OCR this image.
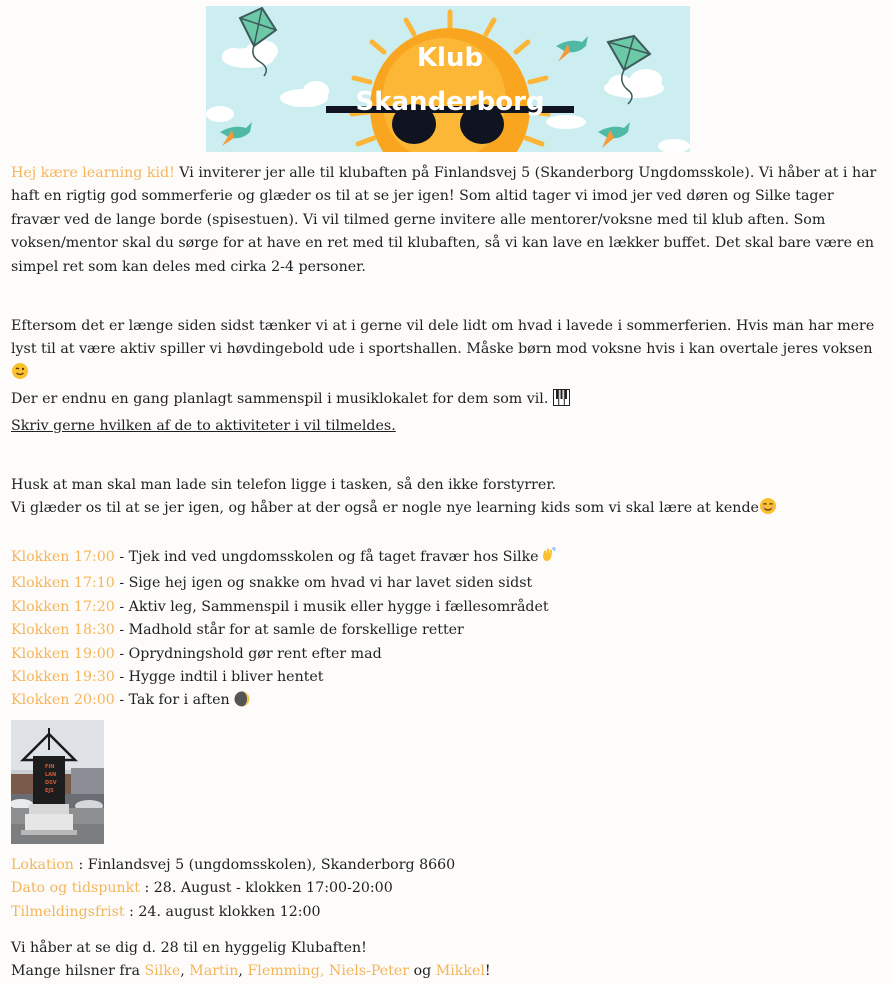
Klub
Skanderborg

Hej kære learning kid! Vi inviterer jer alle til klubaften på Finlandsvej 5 (Skanderborg Ungdomsskole). Vi håber at i har haft en rigtig god sommerferie og glæder os til at se jer igen! Som altid tager vi imod jer ved døren og Silke tager fravær ved de lange borde (spisestuen). Vi vil tilmed gerne invitere alle mentorer/voksne med til klub aften. Som voksen/mentor skal du sørge for at have en ret med til klubaften, så vi kan lave en lækker buffet. Det skal bare være en simpel ret som kan deles med cirka 2-4 personer.

Eftersom det er længe siden sidst tænker vi at i gerne vil dele lidt om hvad i lavede i sommerferien. Hvis man har mere lyst til at være aktiv spiller vi høvdingebold ude i sportshallen. Måske børn mod voksne hvis i kan overtale jeres voksen
Der er endnu en gang planlagt sammenspil i musiklokalet for dem som vil.
Skriv gerne hvilken af de to aktiviteter i vil tilmeldes.
Husk at man skal man lade sin telefon ligge i tasken, så den ikke forstyrrer.
Vi glæder os til at se jer igen, og håber at der også er nogle nye learning kids som vi skal lære at kende
Klokken 17:00 - Tjek ind ved ungdomsskolen og få taget fravær hos Silke
Klokken 17:10 - Sige hej igen og snakke om hvad vi har lavet siden sidst
Klokken 17:20 - Aktiv leg, Sammenspil i musik eller hygge i fællesområdet
Klokken 18:30 - Madhold står for at samle de forskellige retter
Klokken 19:00 - Oprydningshold gør rent efter mad
Klokken 19:30 - Hygge indtil i bliver hentet
Klokken 20:00 - Tak for i aften
FIN
LAN
DSV
EJ5
Lokation : Finlandsvej 5 (ungdomsskolen), Skanderborg 8660
Dato og tidspunkt : 28. August - klokken 17:00-20:00
Tilmeldingsfrist : 24. august klokken 12:00
Vi håber at se dig d. 28 til en hyggelig Klubaften!
Mange hilsner fra Silke, Martin, Flemming, Niels-Peter og Mikkel!
